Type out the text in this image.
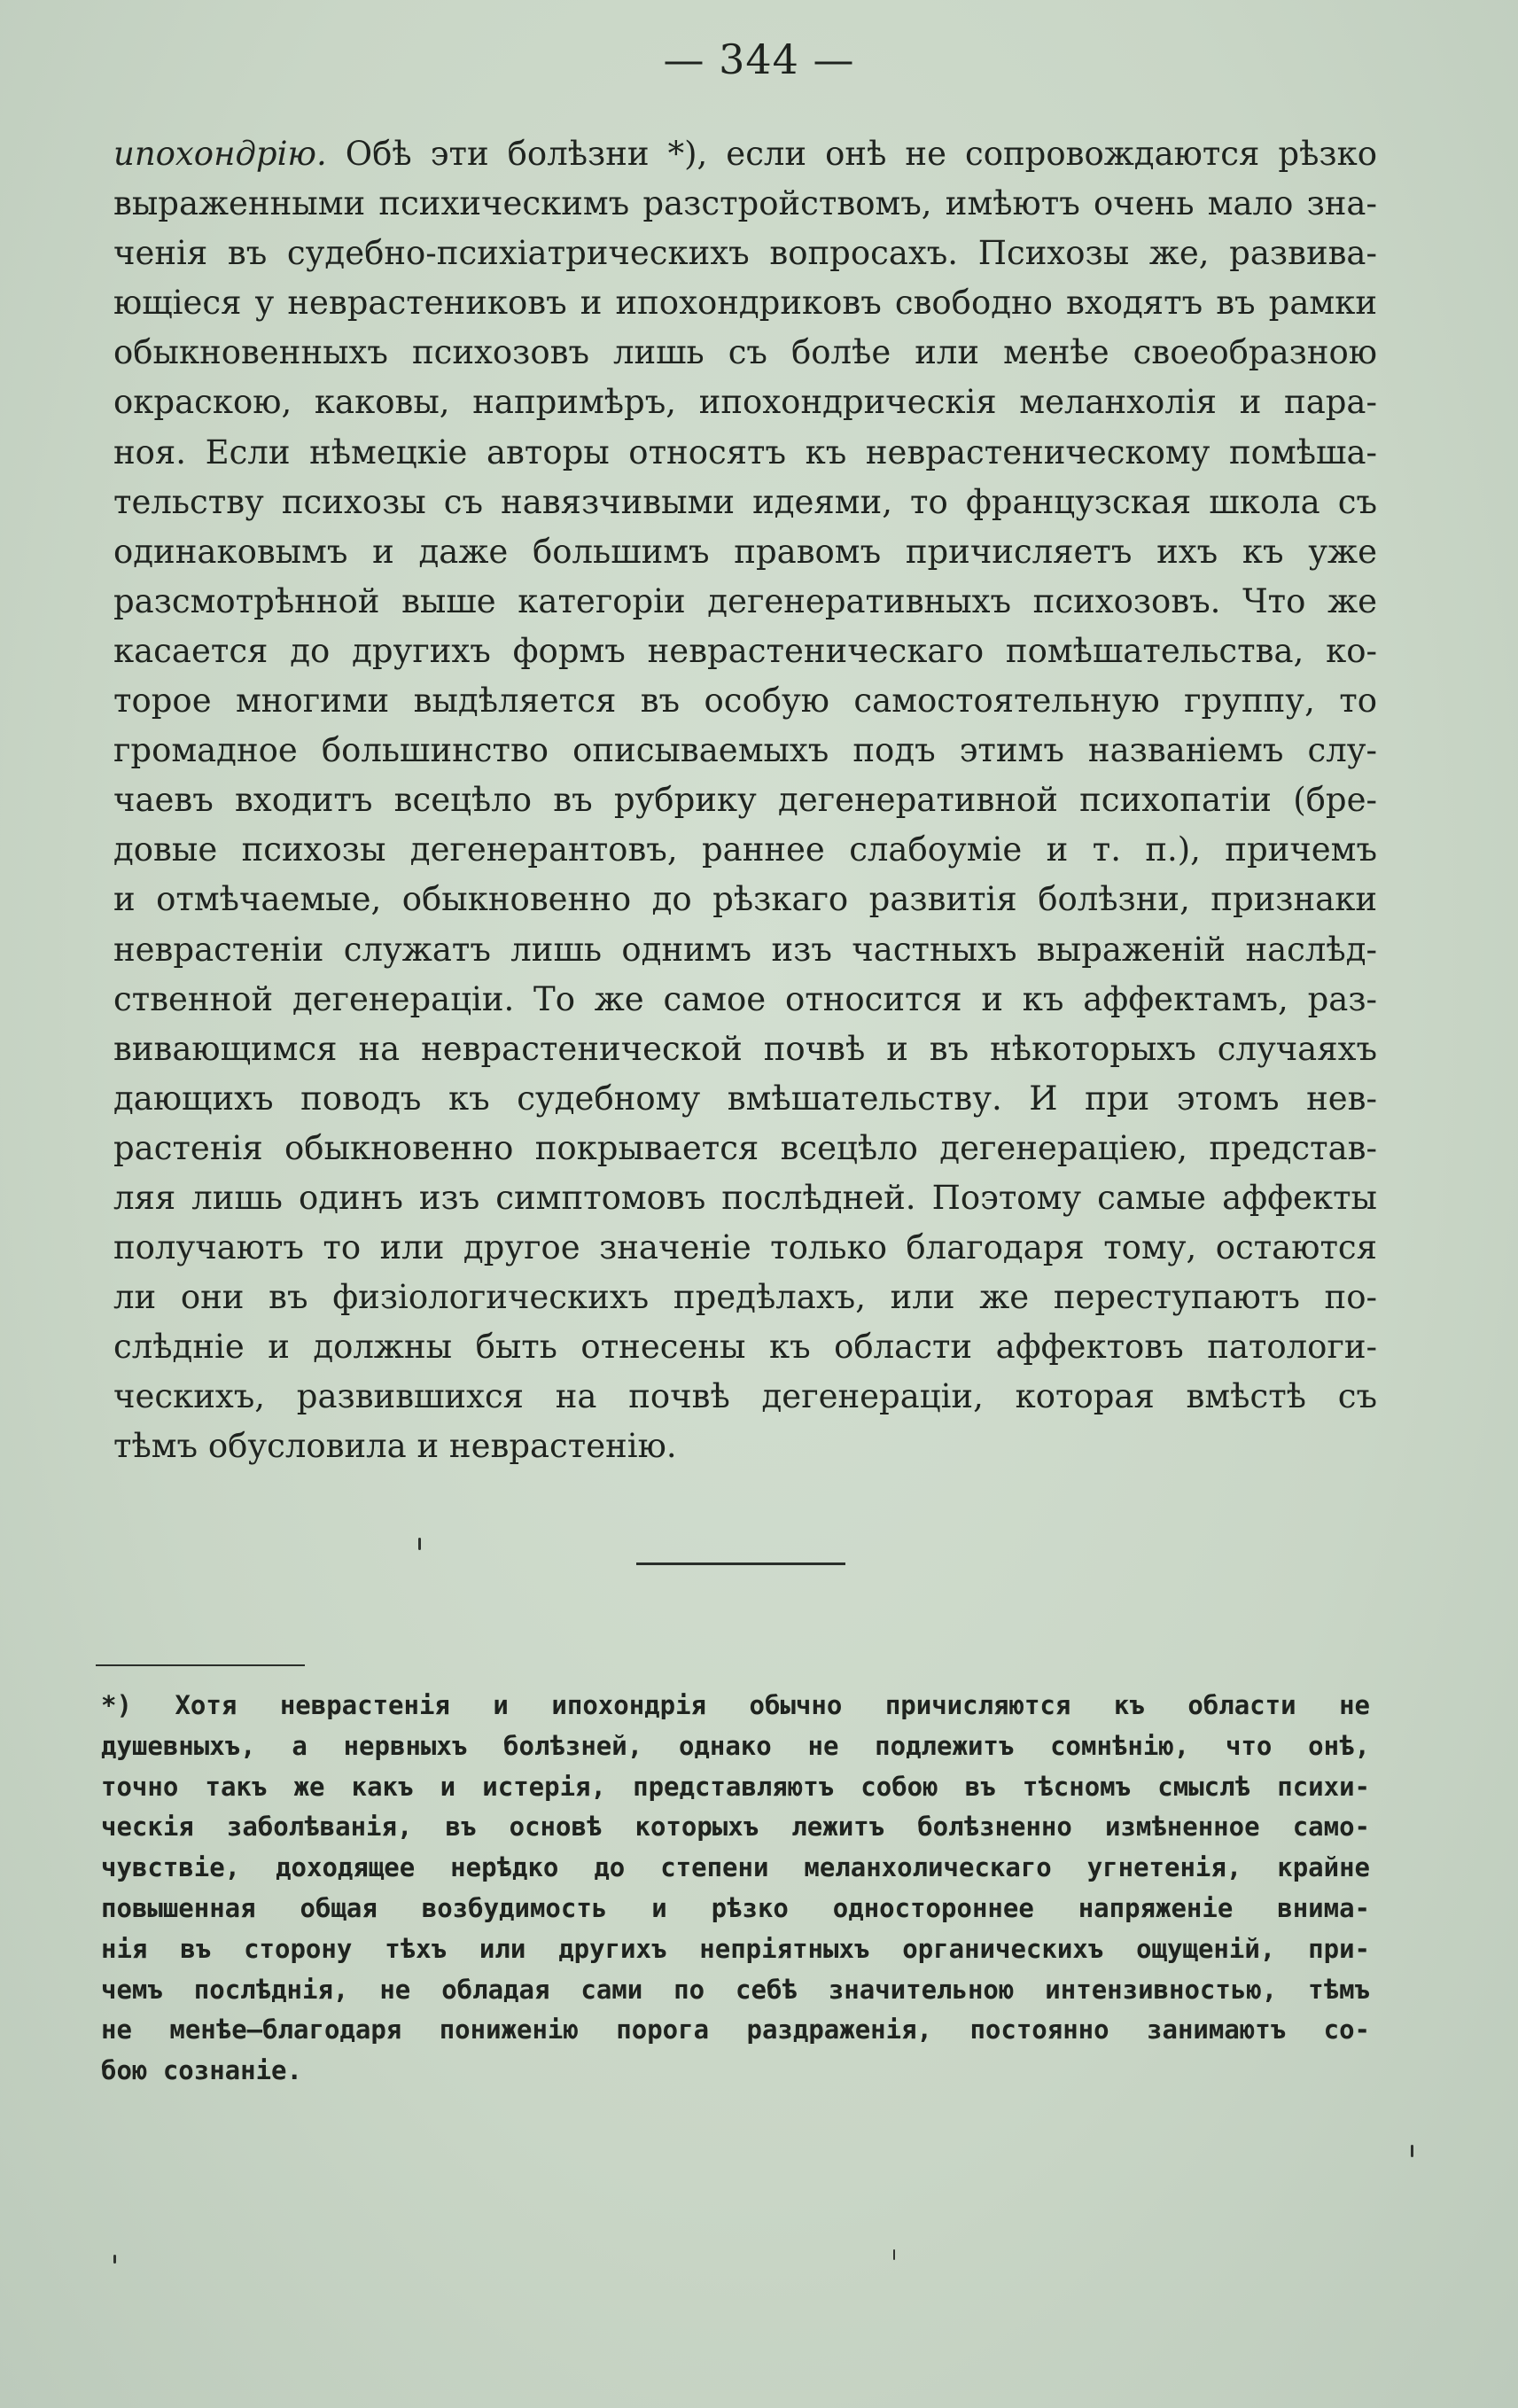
— 344 —
ипохондрію. Обѣ эти болѣзни *), если онѣ не сопровождаются рѣзко
выраженными психическимъ разстройствомъ, имѣютъ очень мало зна-
ченія въ судебно-психіатрическихъ вопросахъ. Психозы же, развива-
ющіеся у неврастениковъ и ипохондриковъ свободно входятъ въ рамки
обыкновенныхъ психозовъ лишь съ болѣе или менѣе своеобразною
окраскою, каковы, напримѣръ, ипохондрическія меланхолія и пара-
ноя. Если нѣмецкіе авторы относятъ къ неврастеническому помѣша-
тельству психозы съ навязчивыми идеями, то французская школа съ
одинаковымъ и даже большимъ правомъ причисляетъ ихъ къ уже
разсмотрѣнной выше категоріи дегенеративныхъ психозовъ. Что же
касается до другихъ формъ неврастеническаго помѣшательства, ко-
торое многими выдѣляется въ особую самостоятельную группу, то
громадное большинство описываемыхъ подъ этимъ названіемъ слу-
чаевъ входитъ всецѣло въ рубрику дегенеративной психопатіи (бре-
довые психозы дегенерантовъ, раннее слабоуміе и т. п.), причемъ
и отмѣчаемые, обыкновенно до рѣзкаго развитія болѣзни, признаки
неврастеніи служатъ лишь однимъ изъ частныхъ выраженій наслѣд-
ственной дегенераціи. То же самое относится и къ аффектамъ, раз-
вивающимся на неврастенической почвѣ и въ нѣкоторыхъ случаяхъ
дающихъ поводъ къ судебному вмѣшательству. И при этомъ нев-
растенія обыкновенно покрывается всецѣло дегенераціею, представ-
ляя лишь одинъ изъ симптомовъ послѣдней. Поэтому самые аффекты
получаютъ то или другое значеніе только благодаря тому, остаются
ли они въ физіологическихъ предѣлахъ, или же переступаютъ по-
слѣдніе и должны быть отнесены къ области аффектовъ патологи-
ческихъ, развившихся на почвѣ дегенераціи, которая вмѣстѣ съ
тѣмъ обусловила и неврастенію.
*) Хотя неврастенія и ипохондрія обычно причисляются къ области не
душевныхъ, а нервныхъ болѣзней, однако не подлежитъ сомнѣнію, что онѣ,
точно такъ же какъ и истерія, представляютъ собою въ тѣсномъ смыслѣ психи-
ческія заболѣванія, въ основѣ которыхъ лежитъ болѣзненно измѣненное само-
чувствіе, доходящее нерѣдко до степени меланхолическаго угнетенія, крайне
повышенная общая возбудимость и рѣзко одностороннее напряженіе внима-
нія въ сторону тѣхъ или другихъ непріятныхъ органическихъ ощущеній, при-
чемъ послѣднія, не обладая сами по себѣ значительною интензивностью, тѣмъ
не менѣе—благодаря пониженію порога раздраженія, постоянно занимаютъ со-
бою сознаніе.
